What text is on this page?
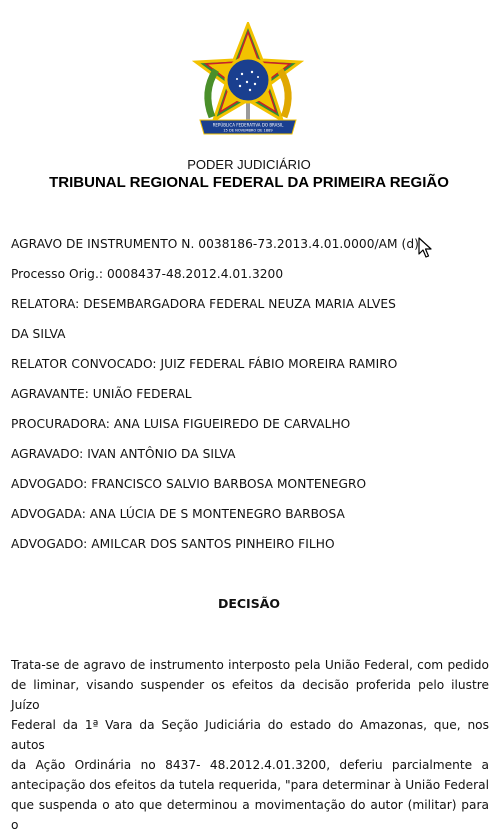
REPÚBLICA FEDERATIVA DO BRASIL
15 DE NOVEMBRO DE 1889
PODER JUDICIÁRIO
TRIBUNAL REGIONAL FEDERAL DA PRIMEIRA REGIÃO
AGRAVO DE INSTRUMENTO N. 0038186-73.2013.4.01.0000/AM (d)
Processo Orig.: 0008437-48.2012.4.01.3200
RELATORA: DESEMBARGADORA FEDERAL NEUZA MARIA ALVES
DA SILVA
RELATOR CONVOCADO: JUIZ FEDERAL FÁBIO MOREIRA RAMIRO
AGRAVANTE: UNIÃO FEDERAL
PROCURADORA: ANA LUISA FIGUEIREDO DE CARVALHO
AGRAVADO: IVAN ANTÔNIO DA SILVA
ADVOGADO: FRANCISCO SALVIO BARBOSA MONTENEGRO
ADVOGADA: ANA LÚCIA DE S MONTENEGRO BARBOSA
ADVOGADO: AMILCAR DOS SANTOS PINHEIRO FILHO
DECISÃO
Trata-se de agravo de instrumento interposto pela União Federal, com pedido
de liminar, visando suspender os efeitos da decisão proferida pelo ilustre Juízo
Federal da 1ª Vara da Seção Judiciária do estado do Amazonas, que, nos autos
da Ação Ordinária no 8437- 48.2012.4.01.3200, deferiu parcialmente a
antecipação dos efeitos da tutela requerida, "para determinar à União Federal
que suspenda o ato que determinou a movimentação do autor (militar) para o
